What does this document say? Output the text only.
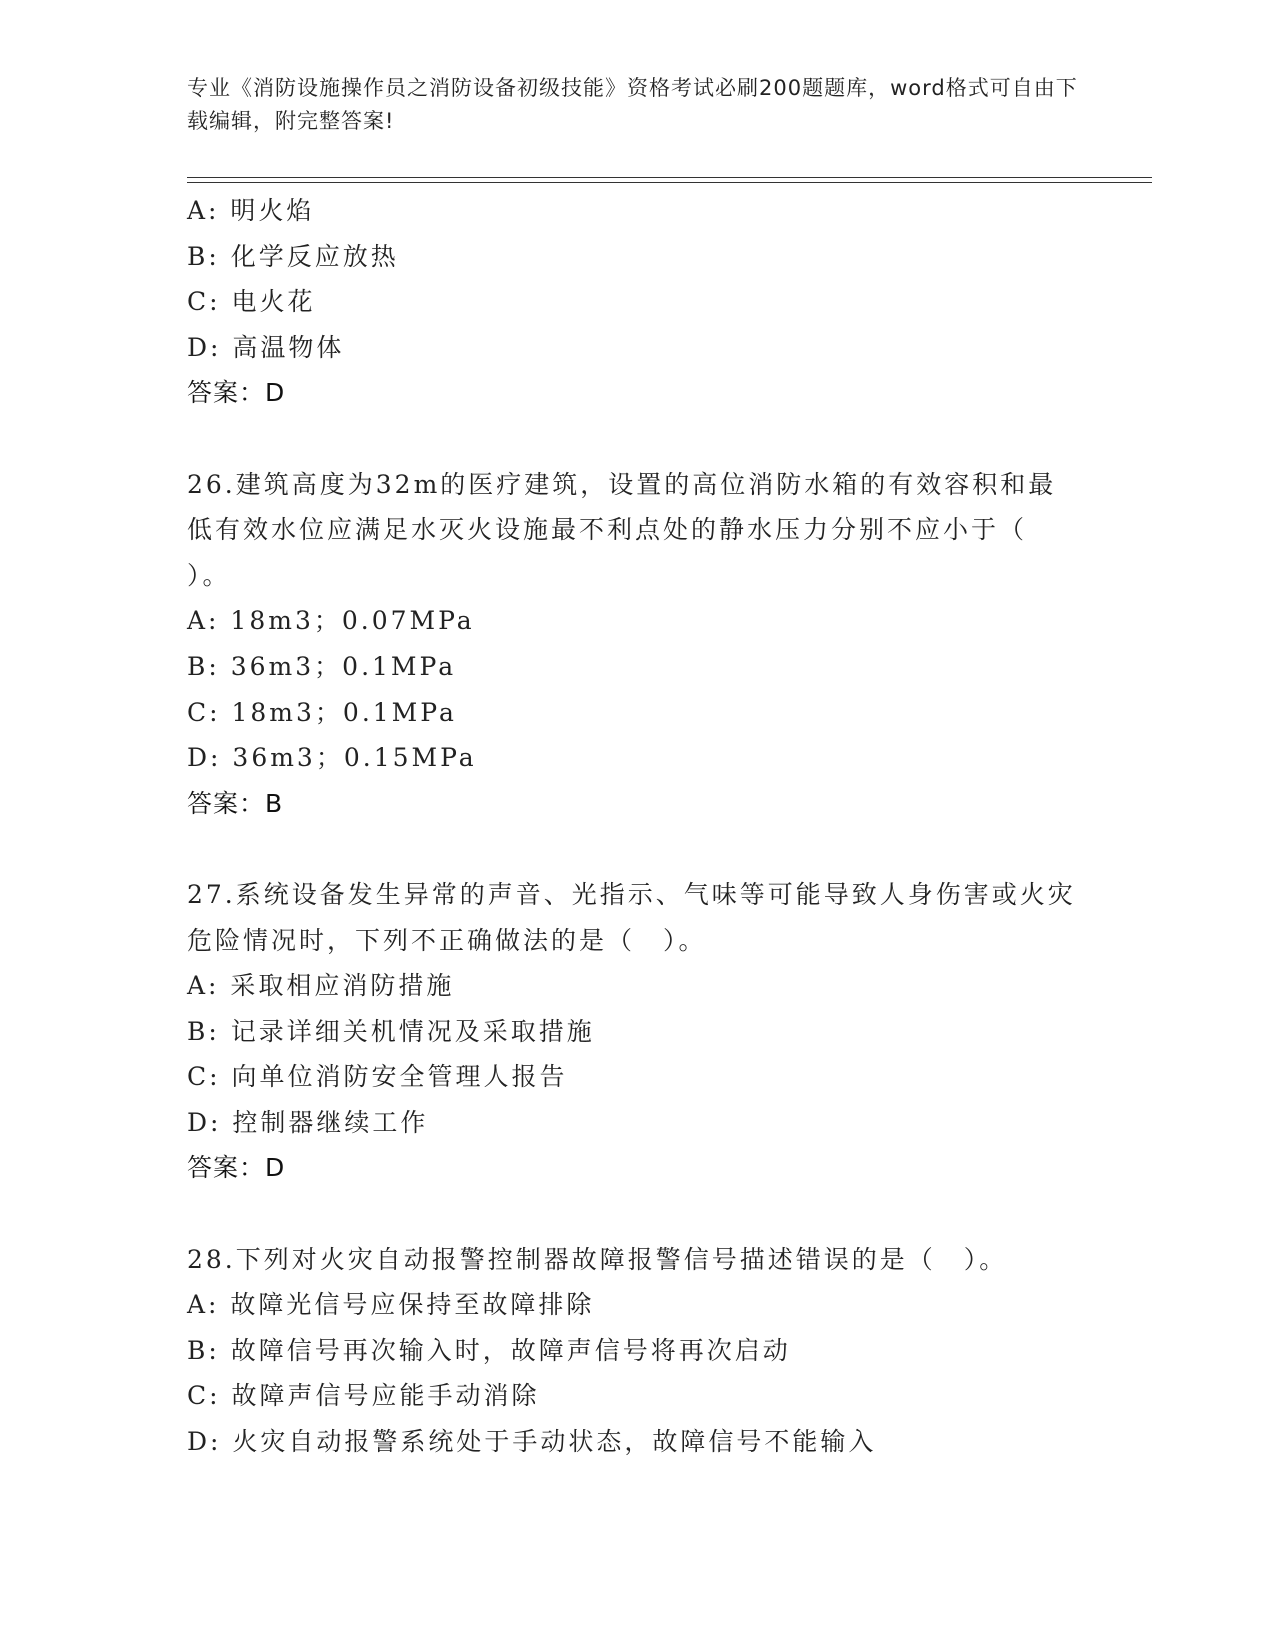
专业《消防设施操作员之消防设备初级技能》资格考试必刷200题题库，word格式可自由下载编辑，附完整答案!
A: 明火焰
B: 化学反应放热
C: 电火花
D: 高温物体
答案：D
26.建筑高度为32m的医疗建筑，设置的高位消防水箱的有效容积和最低有效水位应满足水灭火设施最不利点处的静水压力分别不应小于（ ）。
A: 18m3；0.07MPa
B: 36m3；0.1MPa
C: 18m3；0.1MPa
D: 36m3；0.15MPa
答案：B
27.系统设备发生异常的声音、光指示、气味等可能导致人身伤害或火灾危险情况时，下列不正确做法的是（　）。
A: 采取相应消防措施
B: 记录详细关机情况及采取措施
C: 向单位消防安全管理人报告
D: 控制器继续工作
答案：D
28.下列对火灾自动报警控制器故障报警信号描述错误的是（　）。
A: 故障光信号应保持至故障排除
B: 故障信号再次输入时，故障声信号将再次启动
C: 故障声信号应能手动消除
D: 火灾自动报警系统处于手动状态，故障信号不能输入
